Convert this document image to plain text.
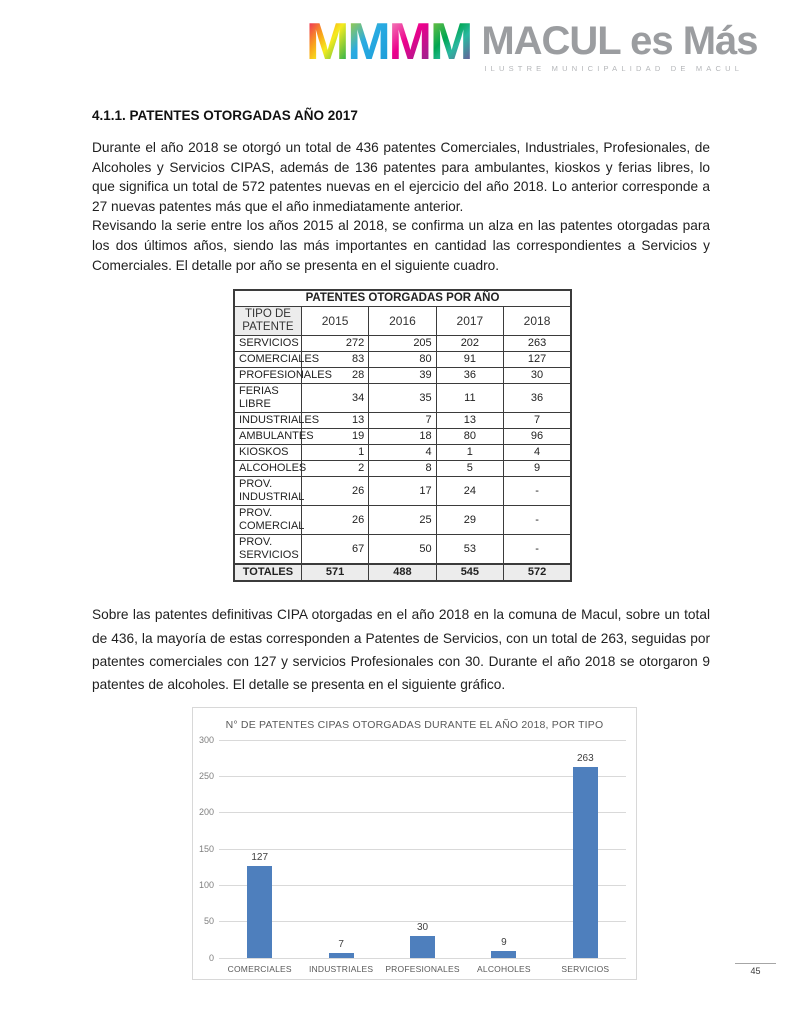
M M M M MACUL es Más
ILUSTRE MUNICIPALIDAD DE MACUL
4.1.1. PATENTES OTORGADAS AÑO 2017

Durante el año 2018 se otorgó un total de 436 patentes Comerciales, Industriales, Profesionales, de Alcoholes y Servicios CIPAS, además de 136 patentes para ambulantes, kioskos y ferias libres, lo que significa un total de 572 patentes nuevas en el ejercicio del año 2018. Lo anterior corresponde a 27 nuevas patentes más que el año inmediatamente anterior.

Revisando la serie entre los años 2015 al 2018, se confirma un alza en las patentes otorgadas para los dos últimos años, siendo las más importantes en cantidad las correspondientes a Servicios y Comerciales. El detalle por año se presenta en el siguiente cuadro.

PATENTES OTORGADAS POR AÑO				
TIPO DE PATENTE	2015	2016	2017	2018
SERVICIOS	272	205	202	263
COMERCIALES	83	80	91	127
PROFESIONALES	28	39	36	30
FERIAS LIBRE	34	35	11	36
INDUSTRIALES	13	7	13	7
AMBULANTES	19	18	80	96
KIOSKOS	1	4	1	4
ALCOHOLES	2	8	5	9
PROV. INDUSTRIAL	26	17	24	-
PROV. COMERCIAL	26	25	29	-
PROV. SERVICIOS	67	50	53	-
TOTALES	571	488	545	572

Sobre las patentes definitivas CIPA otorgadas en el año 2018 en la comuna de Macul, sobre un total de 436, la mayoría de estas corresponden a Patentes de Servicios, con un total de 263, seguidas por patentes comerciales con 127 y servicios Profesionales con 30. Durante el año 2018 se otorgaron 9 patentes de alcoholes. El detalle se presenta en el siguiente gráfico.

N° DE PATENTES CIPAS OTORGADAS DURANTE EL AÑO 2018, POR TIPO
300
250
200
150
100
50
0
127
7
30
9
263
COMERCIALES	INDUSTRIALES	PROFESIONALES	ALCOHOLES	SERVICIOS	45
